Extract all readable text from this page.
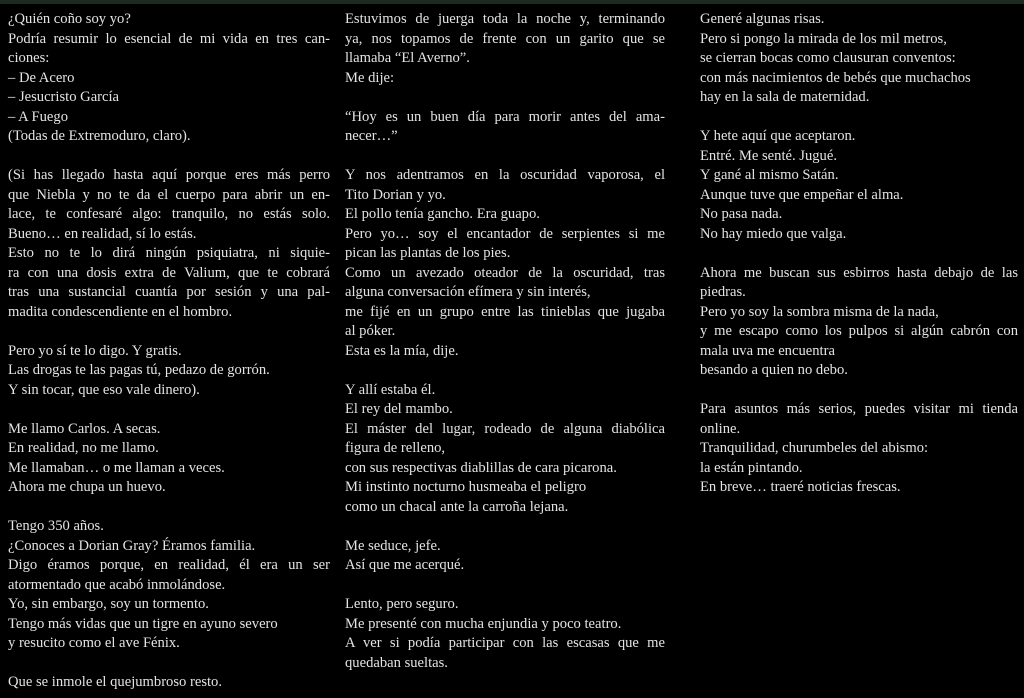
¿Quién coño soy yo?
Podría resumir lo esencial de mi vida en tres can-
ciones:
– De Acero
– Jesucristo García
– A Fuego
(Todas de Extremoduro, claro).

(Si has llegado hasta aquí porque eres más perro
que Niebla y no te da el cuerpo para abrir un en-
lace, te confesaré algo: tranquilo, no estás solo.
Bueno… en realidad, sí lo estás.
Esto no te lo dirá ningún psiquiatra, ni siquie-
ra con una dosis extra de Valium, que te cobrará
tras una sustancial cuantía por sesión y una pal-
madita condescendiente en el hombro.

Pero yo sí te lo digo. Y gratis.
Las drogas te las pagas tú, pedazo de gorrón.
Y sin tocar, que eso vale dinero).

Me llamo Carlos. A secas.
En realidad, no me llamo.
Me llamaban… o me llaman a veces.
Ahora me chupa un huevo.

Tengo 350 años.
¿Conoces a Dorian Gray? Éramos familia.
Digo éramos porque, en realidad, él era un ser
atormentado que acabó inmolándose.
Yo, sin embargo, soy un tormento.
Tengo más vidas que un tigre en ayuno severo
y resucito como el ave Fénix.

Que se inmole el quejumbroso resto.
Estuvimos de juerga toda la noche y, terminando
ya, nos topamos de frente con un garito que se
llamaba “El Averno”.
Me dije:

“Hoy es un buen día para morir antes del ama-
necer…”

Y nos adentramos en la oscuridad vaporosa, el
Tito Dorian y yo.
El pollo tenía gancho. Era guapo.
Pero yo… soy el encantador de serpientes si me
pican las plantas de los pies.
Como un avezado oteador de la oscuridad, tras
alguna conversación efímera y sin interés,
me fijé en un grupo entre las tinieblas que jugaba
al póker.
Esta es la mía, dije.

Y allí estaba él.
El rey del mambo.
El máster del lugar, rodeado de alguna diabólica
figura de relleno,
con sus respectivas diablillas de cara picarona.
Mi instinto nocturno husmeaba el peligro
como un chacal ante la carroña lejana.

Me seduce, jefe.
Así que me acerqué.

Lento, pero seguro.
Me presenté con mucha enjundia y poco teatro.
A ver si podía participar con las escasas que me
quedaban sueltas.
Generé algunas risas.
Pero si pongo la mirada de los mil metros,
se cierran bocas como clausuran conventos:
con más nacimientos de bebés que muchachos
hay en la sala de maternidad.

Y hete aquí que aceptaron.
Entré. Me senté. Jugué.
Y gané al mismo Satán.
Aunque tuve que empeñar el alma.
No pasa nada.
No hay miedo que valga.

Ahora me buscan sus esbirros hasta debajo de las
piedras.
Pero yo soy la sombra misma de la nada,
y me escapo como los pulpos si algún cabrón con
mala uva me encuentra
besando a quien no debo.

Para asuntos más serios, puedes visitar mi tienda
online.
Tranquilidad, churumbeles del abismo:
la están pintando.
En breve… traeré noticias frescas.
